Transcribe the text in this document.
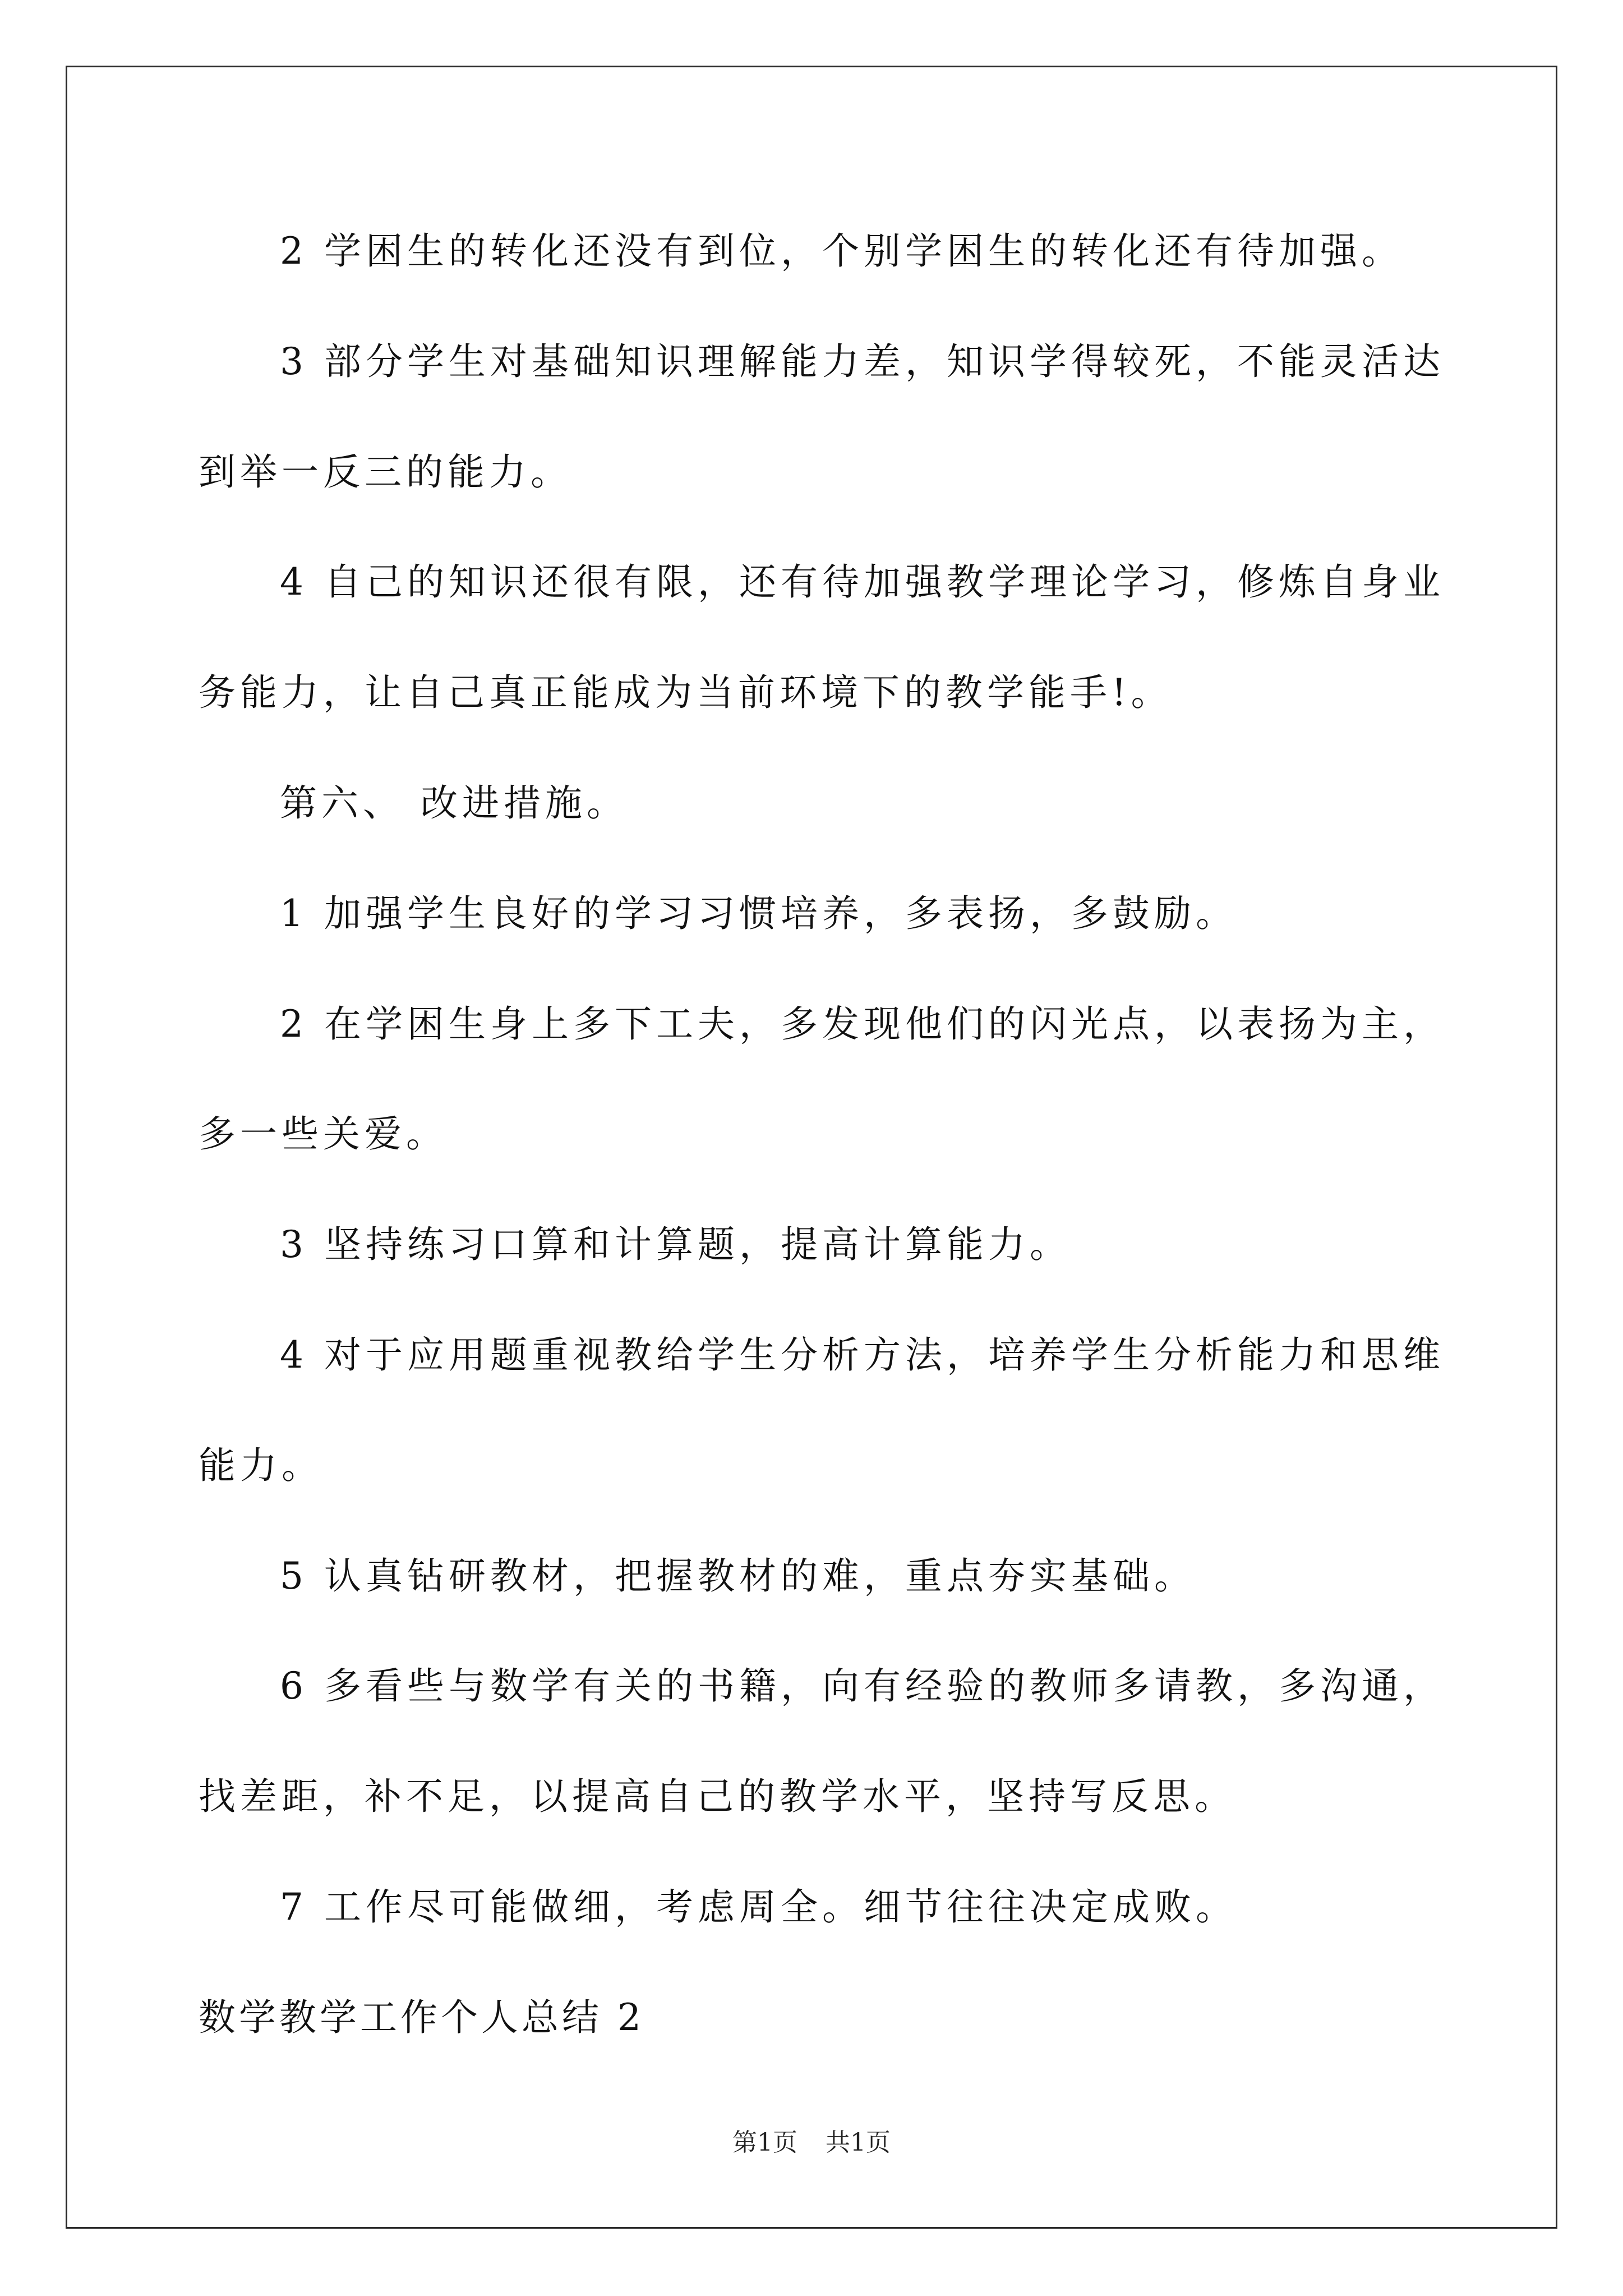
2 学困生的转化还没有到位，个别学困生的转化还有待加强。
3 部分学生对基础知识理解能力差，知识学得较死，不能灵活达
到举一反三的能力。
4 自己的知识还很有限，还有待加强教学理论学习，修炼自身业
务能力，让自己真正能成为当前环境下的教学能手!。
第六、 改进措施。
1 加强学生良好的学习习惯培养，多表扬，多鼓励。
2 在学困生身上多下工夫，多发现他们的闪光点，以表扬为主，
多一些关爱。
3 坚持练习口算和计算题，提高计算能力。
4 对于应用题重视教给学生分析方法，培养学生分析能力和思维
能力。
5 认真钻研教材，把握教材的难，重点夯实基础。
6 多看些与数学有关的书籍，向有经验的教师多请教，多沟通，
找差距，补不足，以提高自己的教学水平，坚持写反思。
7 工作尽可能做细，考虑周全。细节往往决定成败。
数学教学工作个人总结 2
第1页 共1页
